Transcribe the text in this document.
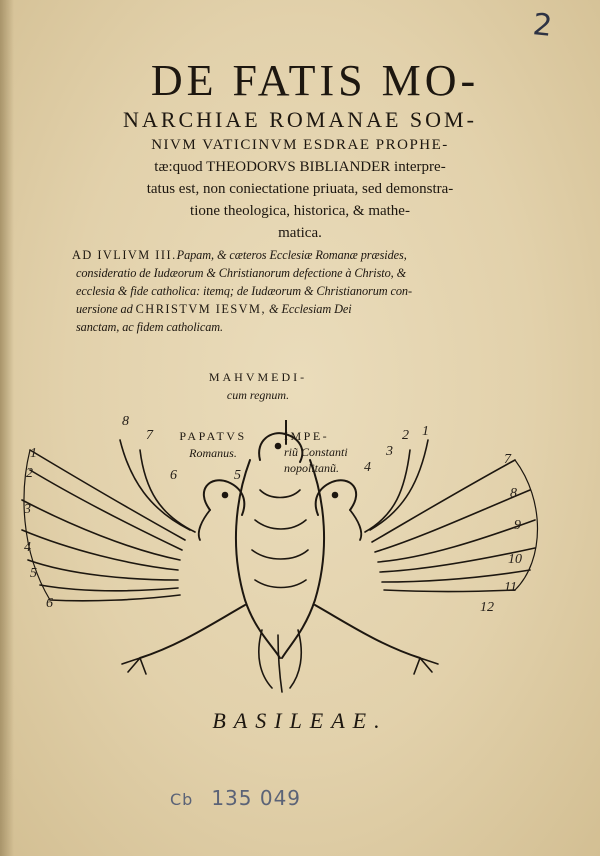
2
DE FATIS MO-
NARCHIAE ROMANAE SOM-
NIVM VATICINVM ESDRAE PROPHE-
tæ:quod THEODORVS BIBLIANDER interpre-
tatus est, non coniectatione priuata, sed demonstra-
tione theologica, historica, & mathe-
matica.
AD IVLIVM III.Papam, & cæteros Ecclesiæ Romanæ præsides,
consideratio de Iudæorum & Christianorum defectione à Christo, &
ecclesia & fide catholica: itemq; de Iudæorum & Christianorum con-
uersione ad CHRISTVM IESVM, & Ecclesiam Dei
sanctam, ac fidem catholicam.
MAHVMEDI-
cum regnum.
PAPATVS
Romanus.
IMPE-
riũ Constanti
nopolitanũ.
8
7
1
2
3
4
5
6
2 1
3
4
5
6
7
8
9
10
11
12
BASILEAE.
Cb 135 049
